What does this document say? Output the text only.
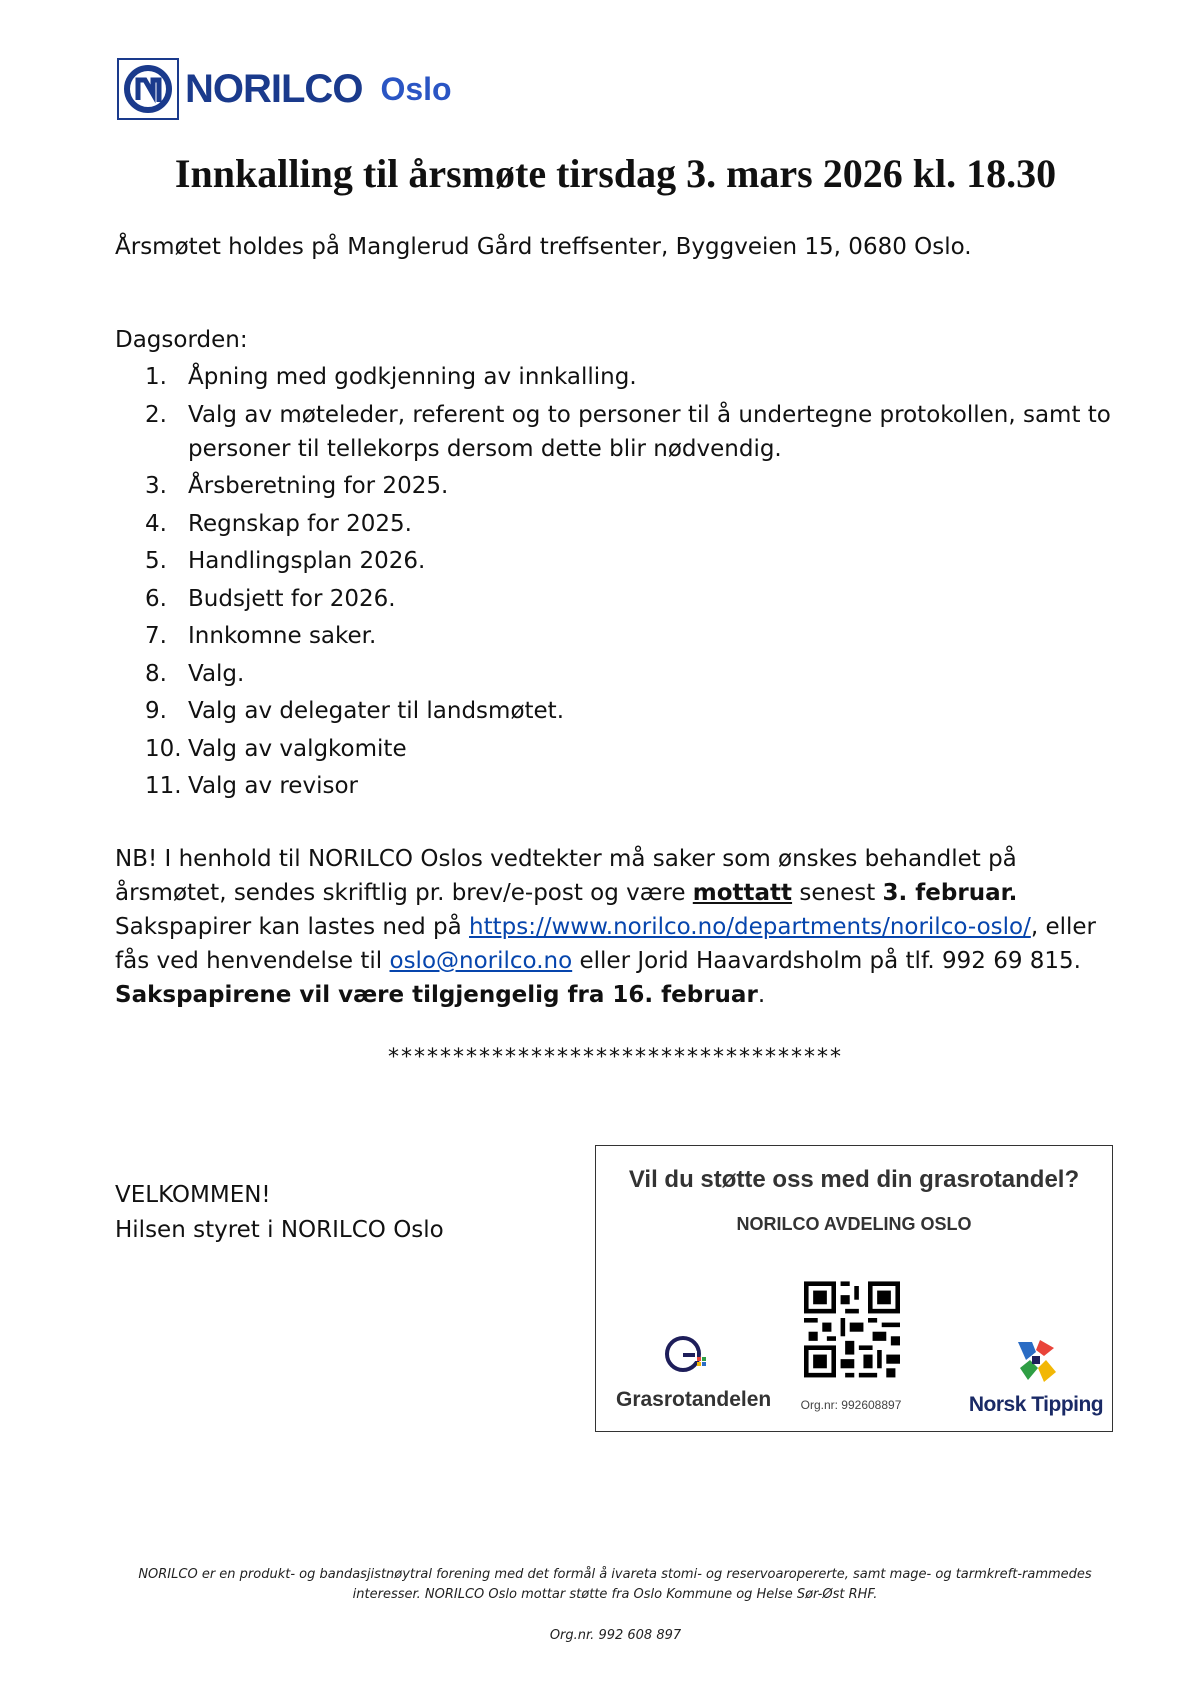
NORILCO Oslo
Innkalling til årsmøte tirsdag 3. mars 2026 kl. 18.30

Årsmøtet holdes på Manglerud Gård treffsenter, Byggveien 15, 0680 Oslo.

Dagsorden:

1. Åpning med godkjenning av innkalling.
2. Valg av møteleder, referent og to personer til å undertegne protokollen, samt to personer til tellekorps dersom dette blir nødvendig.
3. Årsberetning for 2025.
4. Regnskap for 2025.
5. Handlingsplan 2026.
6. Budsjett for 2026.
7. Innkomne saker.
8. Valg.
9. Valg av delegater til landsmøtet.
10. Valg av valgkomite
11. Valg av revisor

NB! I henhold til NORILCO Oslos vedtekter må saker som ønskes behandlet på årsmøtet, sendes skriftlig pr. brev/e-post og være mottatt senest 3. februar. Sakspapirer kan lastes ned på https://www.norilco.no/departments/norilco-oslo/, eller fås ved henvendelse til oslo@norilco.no eller Jorid Haavardsholm på tlf. 992 69 815.
Sakspapirene vil være tilgjengelig fra 16. februar.

***********************************

VELKOMMEN!
Hilsen styret i NORILCO Oslo

Vil du støtte oss med din grasrotandel?
NORILCO AVDELING OSLO
Grasrotandelen	Org.nr: 992608897	Norsk Tipping

NORILCO er en produkt- og bandasjistnøytral forening med det formål å ivareta stomi- og reservoaropererte, samt mage- og tarmkreft-rammedes interesser. NORILCO Oslo mottar støtte fra Oslo Kommune og Helse Sør-Øst RHF.

Org.nr. 992 608 897
